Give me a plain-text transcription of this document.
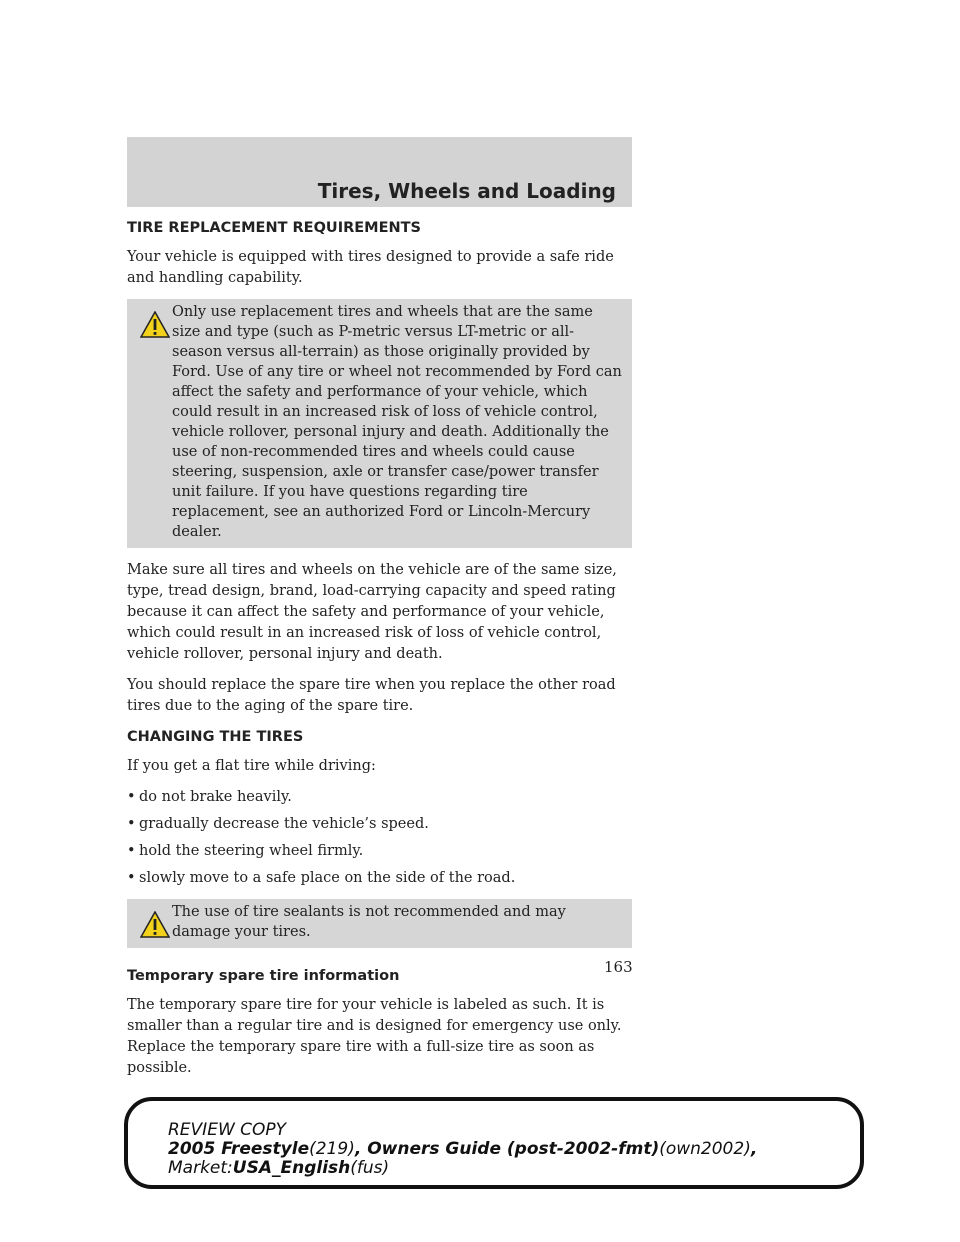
Tires, Wheels and Loading
TIRE REPLACEMENT REQUIREMENTS

Your vehicle is equipped with tires designed to provide a safe ride and handling capability.

Only use replacement tires and wheels that are the same size and type (such as P-metric versus LT-metric or all-season versus all-terrain) as those originally provided by Ford. Use of any tire or wheel not recommended by Ford can affect the safety and performance of your vehicle, which could result in an increased risk of loss of vehicle control, vehicle rollover, personal injury and death. Additionally the use of non-recommended tires and wheels could cause steering, suspension, axle or transfer case/power transfer unit failure. If you have questions regarding tire replacement, see an authorized Ford or Lincoln-Mercury dealer.

Make sure all tires and wheels on the vehicle are of the same size, type, tread design, brand, load-carrying capacity and speed rating because it can affect the safety and performance of your vehicle, which could result in an increased risk of loss of vehicle control, vehicle rollover, personal injury and death.

You should replace the spare tire when you replace the other road tires due to the aging of the spare tire.

CHANGING THE TIRES

If you get a flat tire while driving:

• do not brake heavily.
• gradually decrease the vehicle’s speed.
• hold the steering wheel firmly.
• slowly move to a safe place on the side of the road.
The use of tire sealants is not recommended and may damage your tires.
Temporary spare tire information

The temporary spare tire for your vehicle is labeled as such. It is smaller than a regular tire and is designed for emergency use only. Replace the temporary spare tire with a full-size tire as soon as possible.

163
REVIEW COPY
2005 Freestyle(219), Owners Guide (post-2002-fmt)(own2002),
Market:USA_English(fus)
